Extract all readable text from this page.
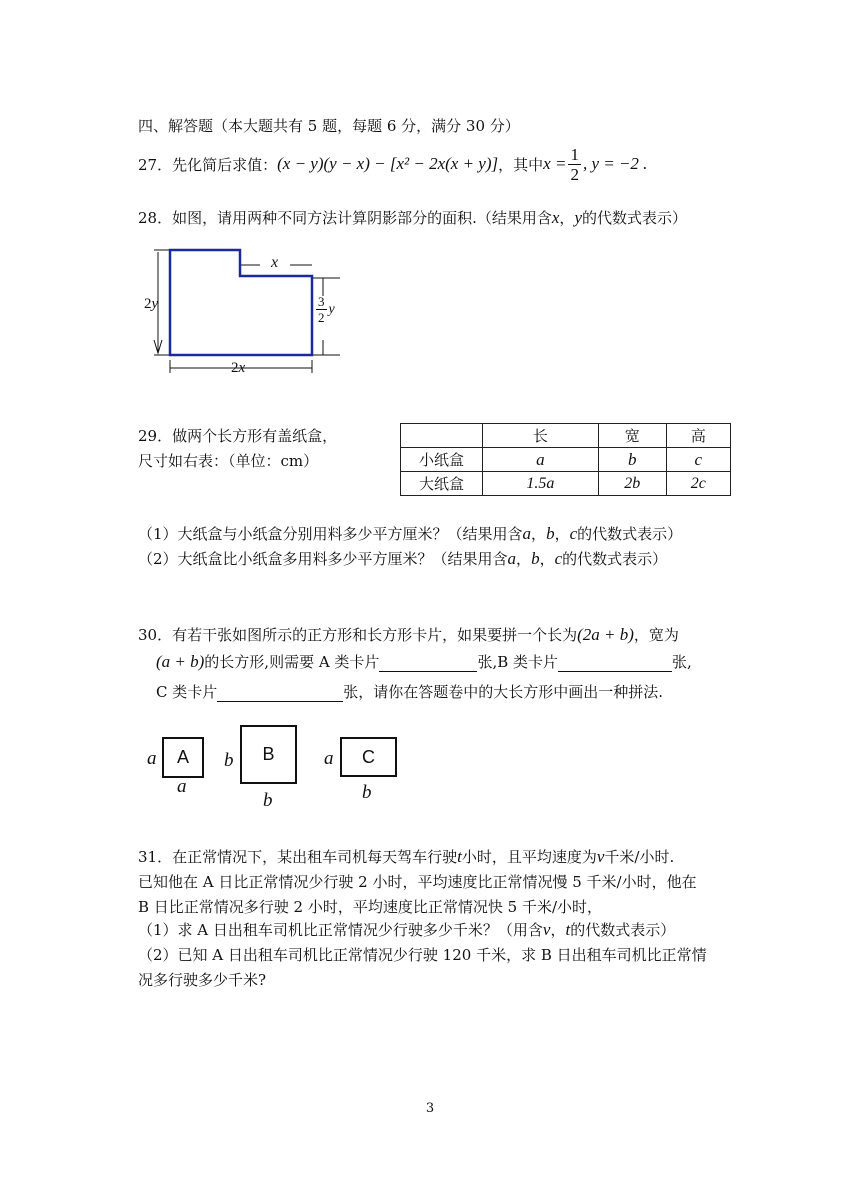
四、解答题（本大题共有 5 题，每题 6 分，满分 30 分）
27． 先化简后求值： (x − y)(y − x) − [x² − 2x(x + y)] ，其中 $x = \frac{1}{2}$ , y = −2 .
28．如图，请用两种不同方法计算阴影部分的面积.（结果用含x，y的代数式表示）
x
2y	$\frac{3}{2}$ y
2x
29．做两个长方形有盖纸盒，
尺寸如右表：（单位：cm）
	长	宽	高
小纸盒	a	b	c
大纸盒	1.5a	2b	2c
（1）大纸盒与小纸盒分别用料多少平方厘米？（结果用含a，b，c的代数式表示）
（2）大纸盒比小纸盒多用料多少平方厘米？（结果用含a，b，c的代数式表示）
30．有若干张如图所示的正方形和长方形卡片，如果要拼一个长为(2a + b)，宽为
(a + b)的长方形,则需要 A 类卡片	张,B 类卡片	张,
C 类卡片	张，请你在答题卷中的大长方形中画出一种拼法.
a	A
a
b	B
b
a	C
b
31．在正常情况下，某出租车司机每天驾车行驶t小时，且平均速度为v千米/小时.
已知他在 A 日比正常情况少行驶 2 小时，平均速度比正常情况慢 5 千米/小时，他在
B 日比正常情况多行驶 2 小时，平均速度比正常情况快 5 千米/小时，
（1）求 A 日出租车司机比正常情况少行驶多少千米？（用含v，t的代数式表示）
（2）已知 A 日出租车司机比正常情况少行驶 120 千米，求 B 日出租车司机比正常情
况多行驶多少千米?
3
